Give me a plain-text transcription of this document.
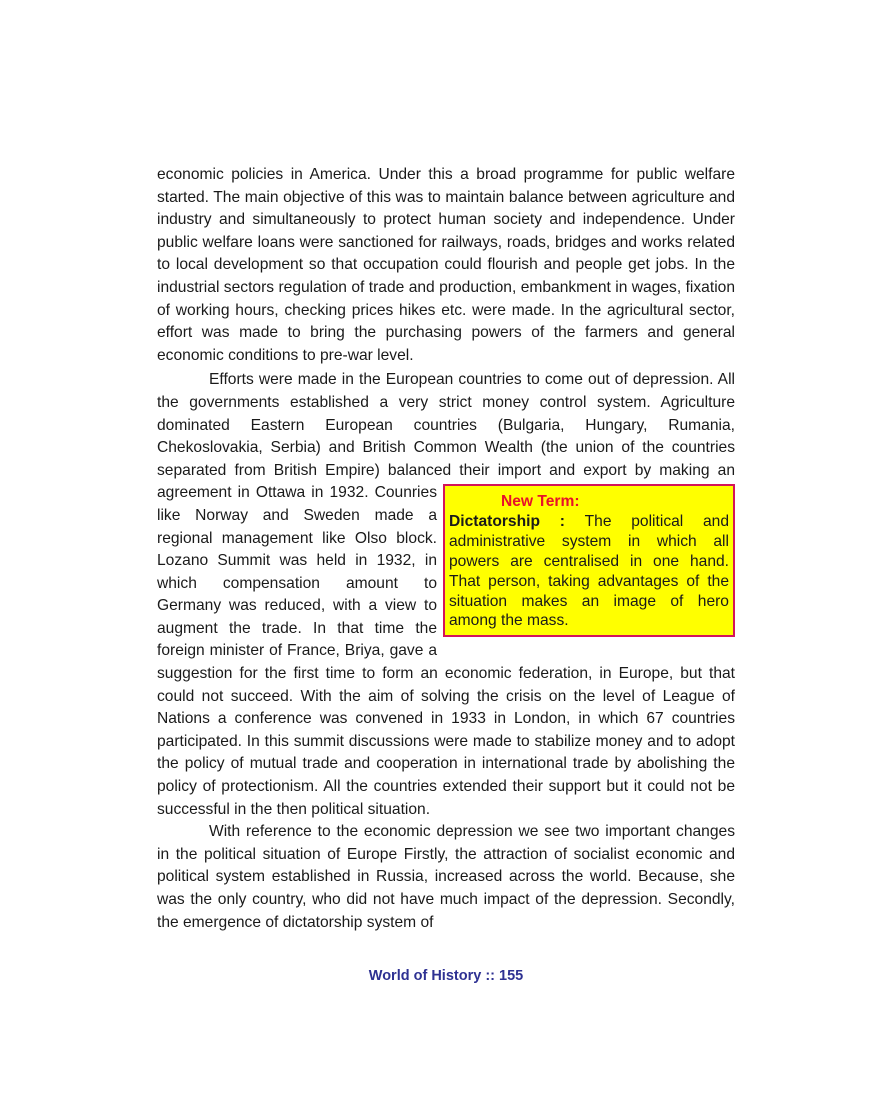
economic policies in America. Under this a broad programme for public welfare started. The main objective of this was to maintain balance between agriculture and industry and simultaneously to protect human society and independence. Under public welfare loans were sanctioned for railways, roads, bridges and works related to local development so that occupation could flourish and people get jobs. In the industrial sectors regulation of trade and production, embankment in wages, fixation of working hours, checking prices hikes etc. were made. In the agricultural sector, effort was made to bring the purchasing powers of the farmers and general economic conditions to pre-war level.

Efforts were made in the European countries to come out of depression. All the governments established a very strict money control system. Agriculture dominated Eastern European countries (Bulgaria, Hungary, Rumania, Chekoslovakia, Serbia) and British Common Wealth (the union of the countries separated from British Empire) balanced their import and export by making an agreement
New Term:
Dictatorship : The political and administrative system in which all powers are centralised in one hand. That person, taking advantages of the situation makes an image of hero among the mass.
in Ottawa in 1932. Counries like Norway and Sweden made a regional management like Olso block. Lozano Summit was held in 1932, in which compensation amount to Germany was reduced, with a view to augment the trade. In that time the foreign minister of France, Briya, gave a suggestion for the first time to form an economic federation, in Europe, but that could not succeed. With the aim of solving the crisis on the level of League of Nations a conference was convened in 1933 in London, in which 67 countries participated. In this summit discussions were made to stabilize money and to adopt the policy of mutual trade and cooperation in international trade by abolishing the policy of protectionism. All the countries extended their support but it could not be successful in the then political situation.

With reference to the economic depression we see two important changes in the political situation of Europe Firstly, the attraction of socialist economic and political system established in Russia, increased across the world. Because, she was the only country, who did not have much impact of the depression. Secondly, the emergence of dictatorship system of

World of History :: 155
